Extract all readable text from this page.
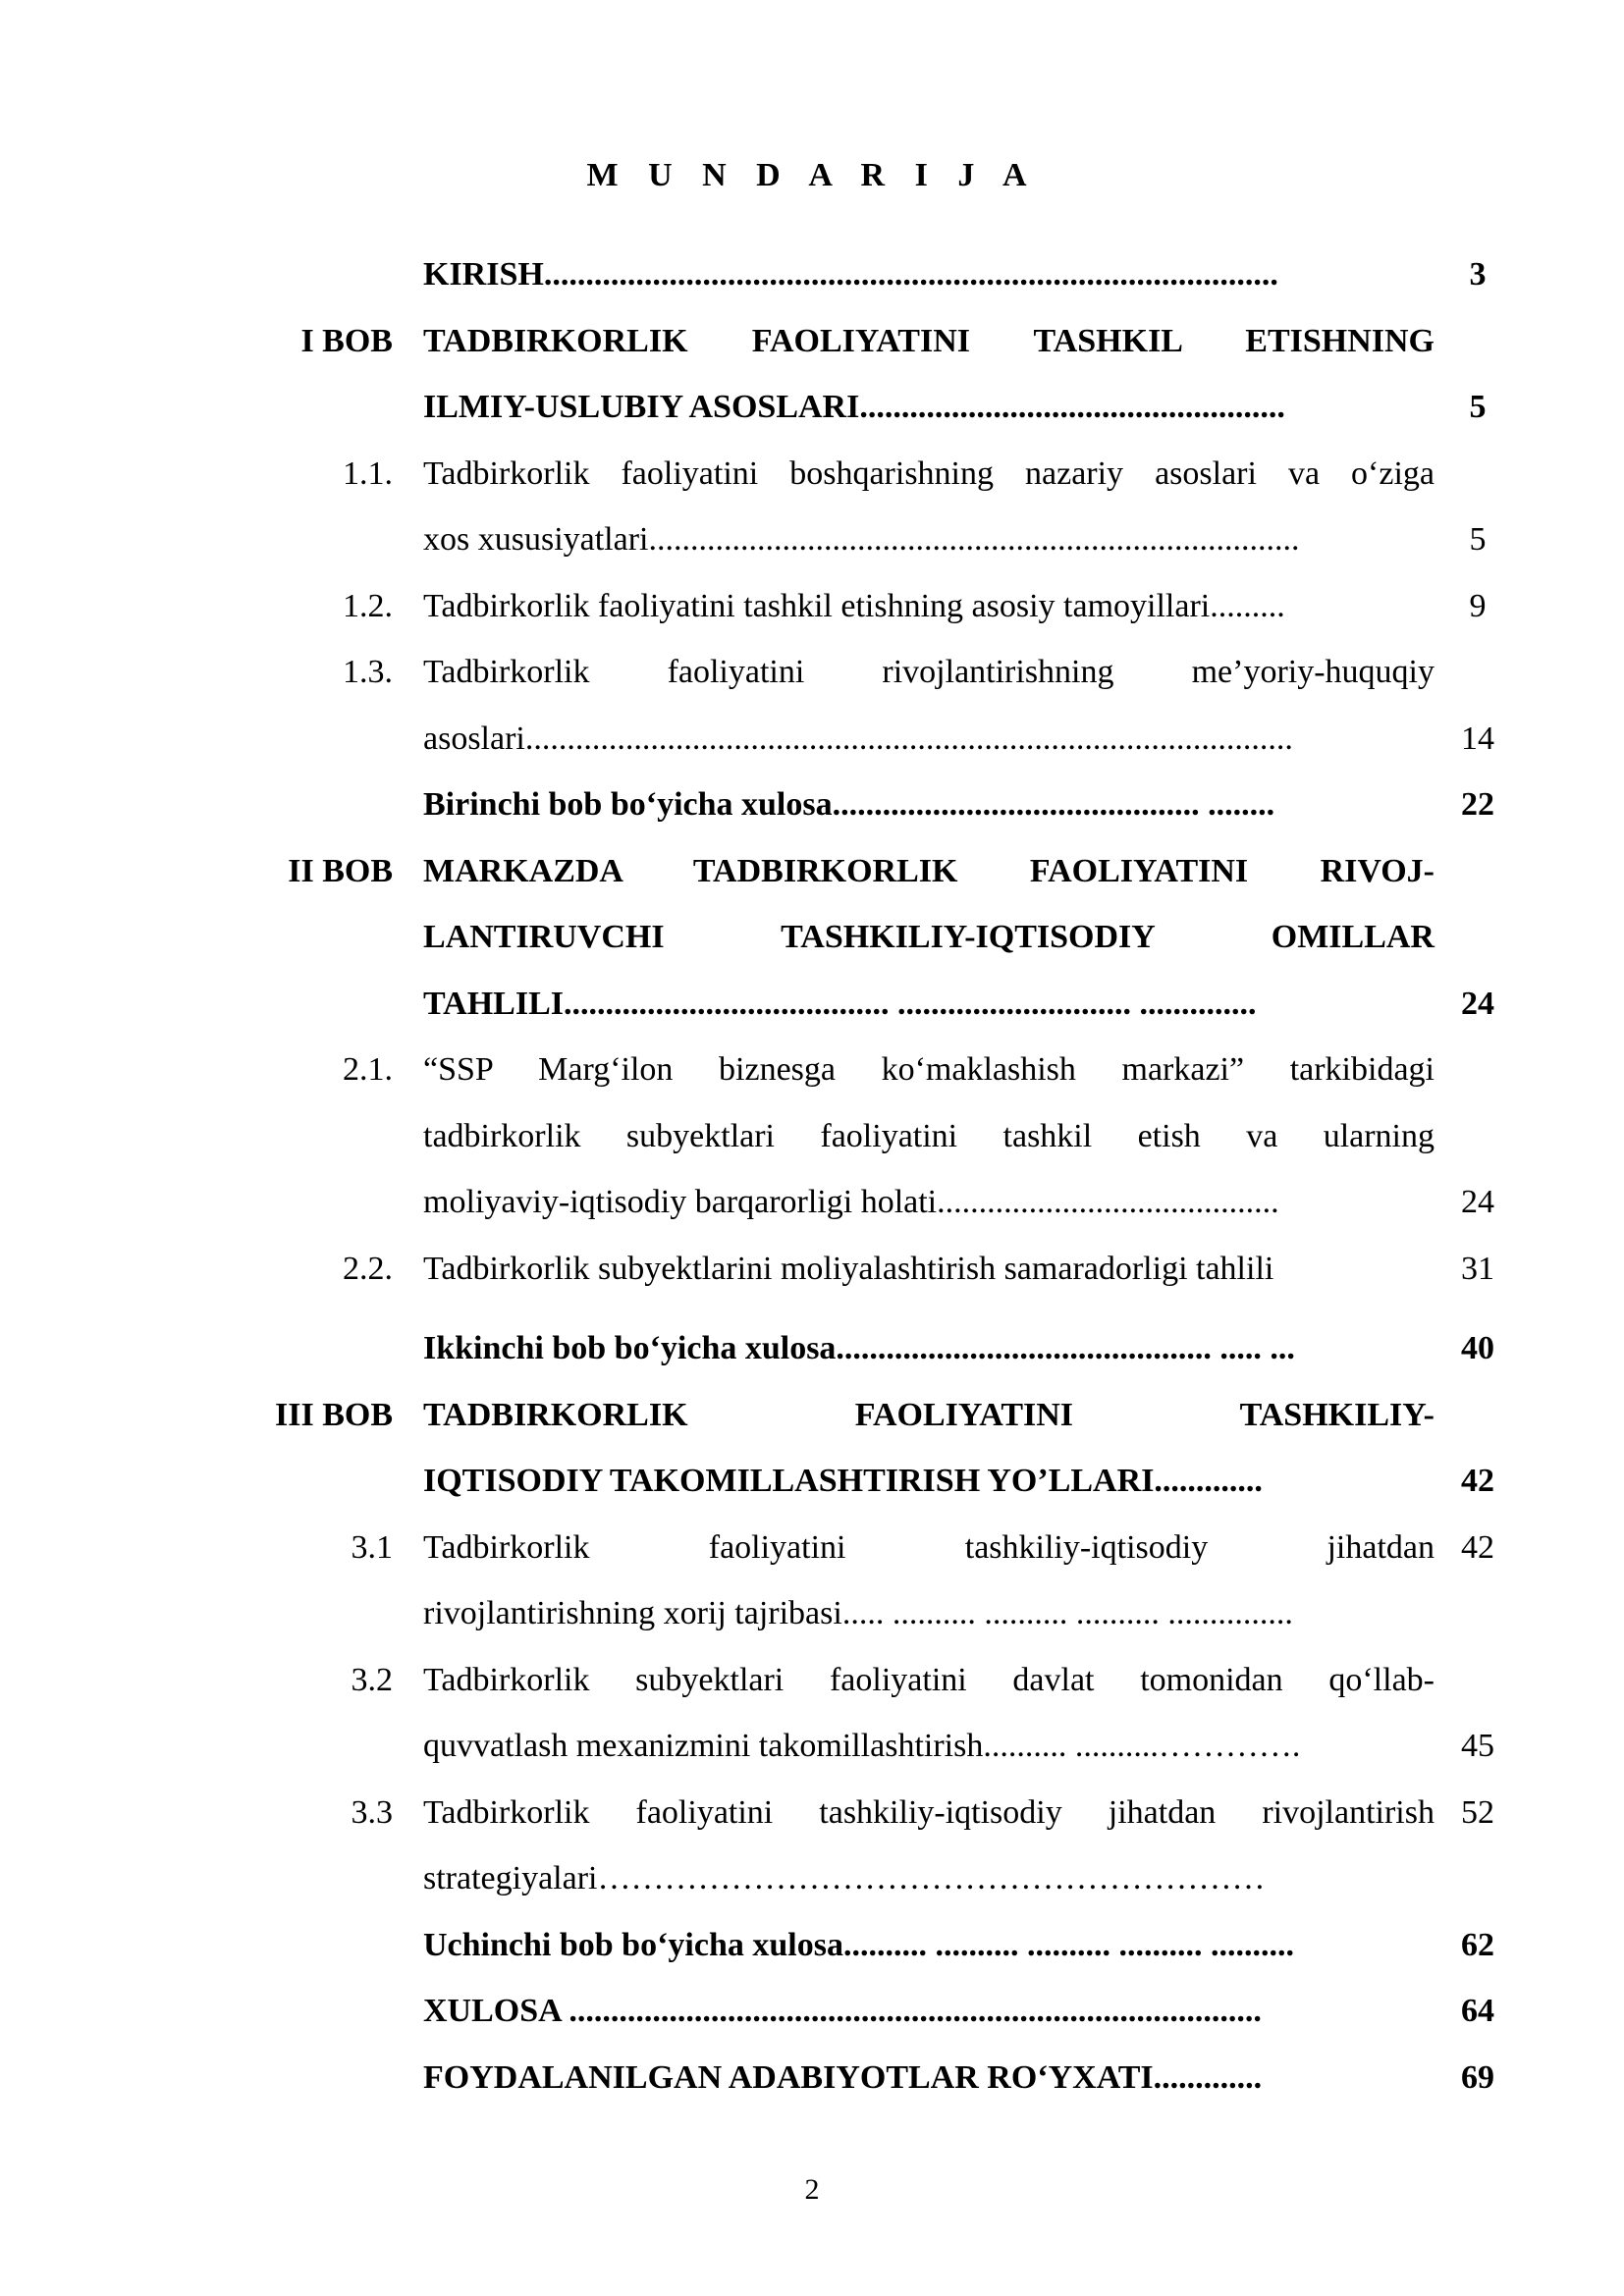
M U N D A R I J A
KIRISH........................................................................................	3
I BOB TADBIRKORLIK FAOLIYATINI TASHKIL ETISHNING
ILMIY-USLUBIY ASOSLARI...................................................	5
1.1. Tadbirkorlik faoliyatini boshqarishning nazariy asoslari va o‘ziga
xos xususiyatlari..............................................................................	5
1.2. Tadbirkorlik faoliyatini tashkil etishning asosiy tamoyillari.........	9
1.3. Tadbirkorlik faoliyatini rivojlantirishning me’yoriy-huquqiy
asoslari............................................................................................	14
Birinchi bob bo‘yicha xulosa............................................ ........	22
II BOB MARKAZDA TADBIRKORLIK FAOLIYATINI RIVOJ-
LANTIRUVCHI TASHKILIY-IQTISODIY OMILLAR
TAHLILI....................................... ............................ ..............	24
2.1. “SSP Marg‘ilon biznesga ko‘maklashish markazi” tarkibidagi
tadbirkorlik subyektlari faoliyatini tashkil etish va ularning
moliyaviy-iqtisodiy barqarorligi holati.........................................	24
2.2. Tadbirkorlik subyektlarini moliyalashtirish samaradorligi tahlili	31
Ikkinchi bob bo‘yicha xulosa............................................. ..... ...	40
III BOB TADBIRKORLIK FAOLIYATINI TASHKILIY-
IQTISODIY TAKOMILLASHTIRISH YO’LLARI.............	42
3.1 Tadbirkorlik faoliyatini tashkiliy-iqtisodiy jihatdan 42
rivojlantirishning xorij tajribasi..... .......... .......... .......... ...............
3.2 Tadbirkorlik subyektlari faoliyatini davlat tomonidan qo‘llab-
quvvatlash mexanizmini takomillashtirish.......... ..........………….	45
3.3 Tadbirkorlik faoliyatini tashkiliy-iqtisodiy jihatdan rivojlantirish 52
strategiyalari……………………………………………………
Uchinchi bob bo‘yicha xulosa.......... .......... .......... .......... ..........	62
XULOSA ...................................................................................	64
FOYDALANILGAN ADABIYOTLAR RO‘YXATI.............	69
2
